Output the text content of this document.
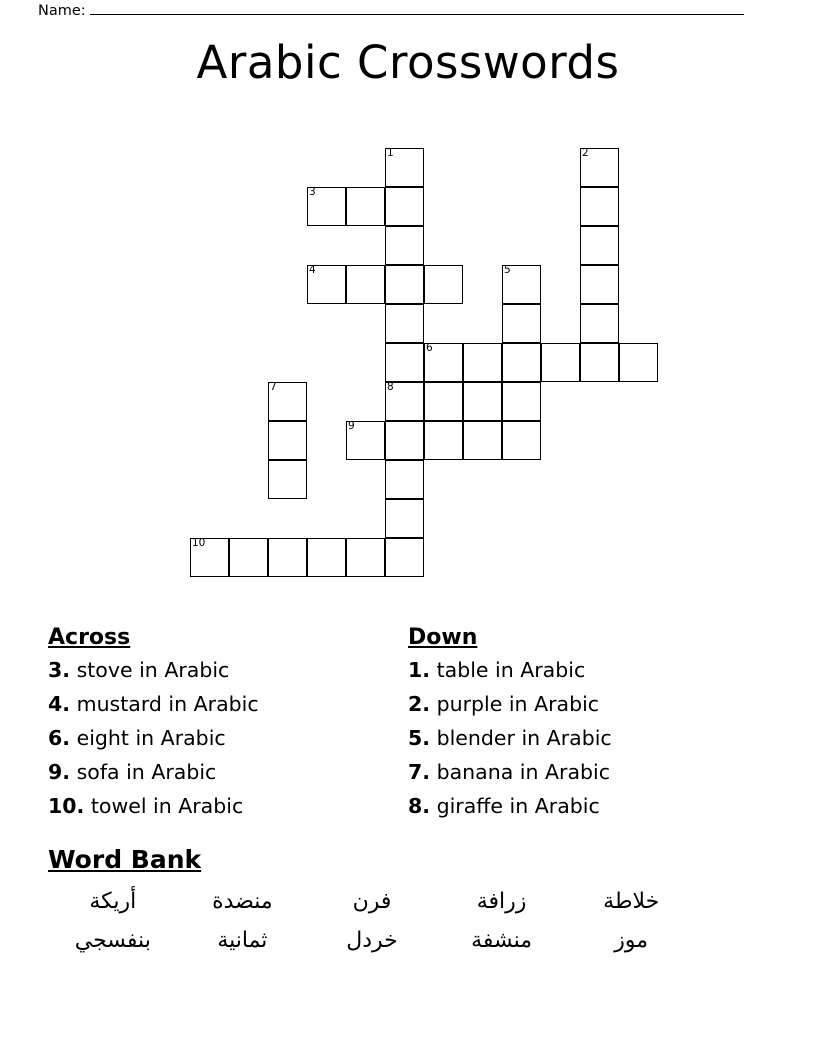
Name:
Arabic Crosswords
1	2
3
4	5
6
7	8
9
10
Across
3. stove in Arabic
4. mustard in Arabic
6. eight in Arabic
9. sofa in Arabic
10. towel in Arabic
Down
1. table in Arabic
2. purple in Arabic
5. blender in Arabic
7. banana in Arabic
8. giraffe in Arabic
Word Bank
أريكة	منضدة	فرن	زرافة	خلاطة
بنفسجي	ثمانية	خردل	منشفة	موز
